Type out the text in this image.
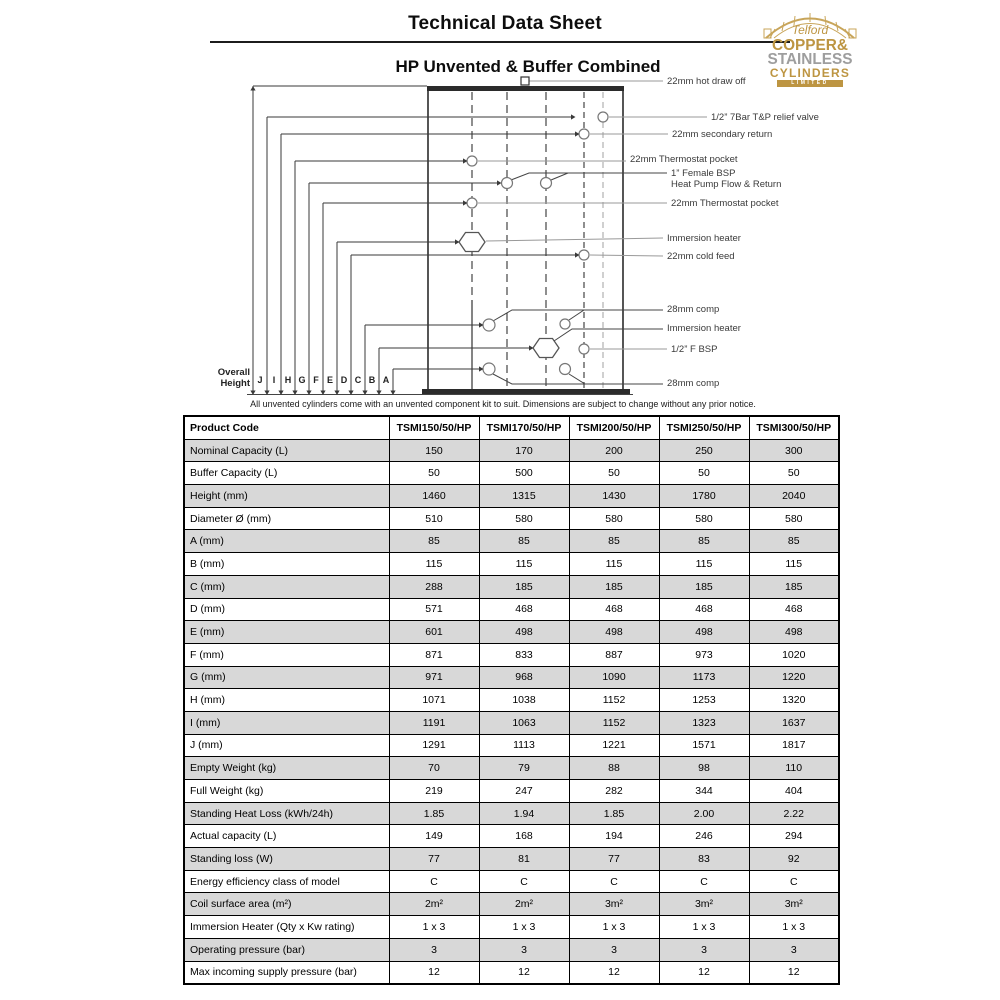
Technical Data Sheet
HP Unvented & Buffer Combined
Telford
COPPER&
STAINLESS
CYLINDERS
LIMITED
22mm hot draw off
1/2” 7Bar T&P relief valve
22mm secondary return
22mm Thermostat pocket
1” Female BSP
Heat Pump Flow & Return
22mm Thermostat pocket
Immersion heater
22mm cold feed
28mm comp
Immersion heater
1/2” F BSP
28mm comp
Overall
Height J I H G F E D C B A
All unvented cylinders come with an unvented component kit to suit. Dimensions are subject to change without any prior notice.
Product Code	TSMI150/50/HP	TSMI170/50/HP	TSMI200/50/HP	TSMI250/50/HP	TSMI300/50/HP
Nominal Capacity (L)	150	170	200	250	300
Buffer Capacity (L)	50	500	50	50	50
Height (mm)	1460	1315	1430	1780	2040
Diameter Ø (mm)	510	580	580	580	580
A (mm)	85	85	85	85	85
B (mm)	115	115	115	115	115
C (mm)	288	185	185	185	185
D (mm)	571	468	468	468	468
E (mm)	601	498	498	498	498
F (mm)	871	833	887	973	1020
G (mm)	971	968	1090	1173	1220
H (mm)	1071	1038	1152	1253	1320
I (mm)	1191	1063	1152	1323	1637
J (mm)	1291	1113	1221	1571	1817
Empty Weight (kg)	70	79	88	98	110
Full Weight (kg)	219	247	282	344	404
Standing Heat Loss (kWh/24h)	1.85	1.94	1.85	2.00	2.22
Actual capacity (L)	149	168	194	246	294
Standing loss (W)	77	81	77	83	92
Energy efficiency class of model	C	C	C	C	C
Coil surface area (m²)	2m²	2m²	3m²	3m²	3m²
Immersion Heater (Qty x Kw rating)	1 x 3	1 x 3	1 x 3	1 x 3	1 x 3
Operating pressure (bar)	3	3	3	3	3
Max incoming supply pressure (bar)	12	12	12	12	12
